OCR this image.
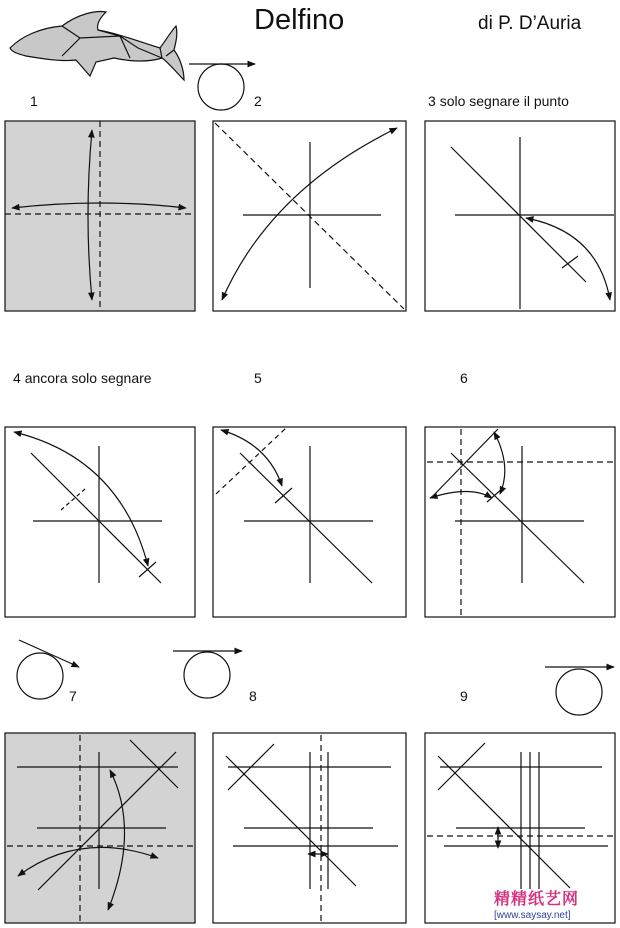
Delfino	di P. D’Auria
1	2	3 solo segnare il punto
4 ancora solo segnare	5	6
7	8	9
精精纸艺网
[www.saysay.net]
